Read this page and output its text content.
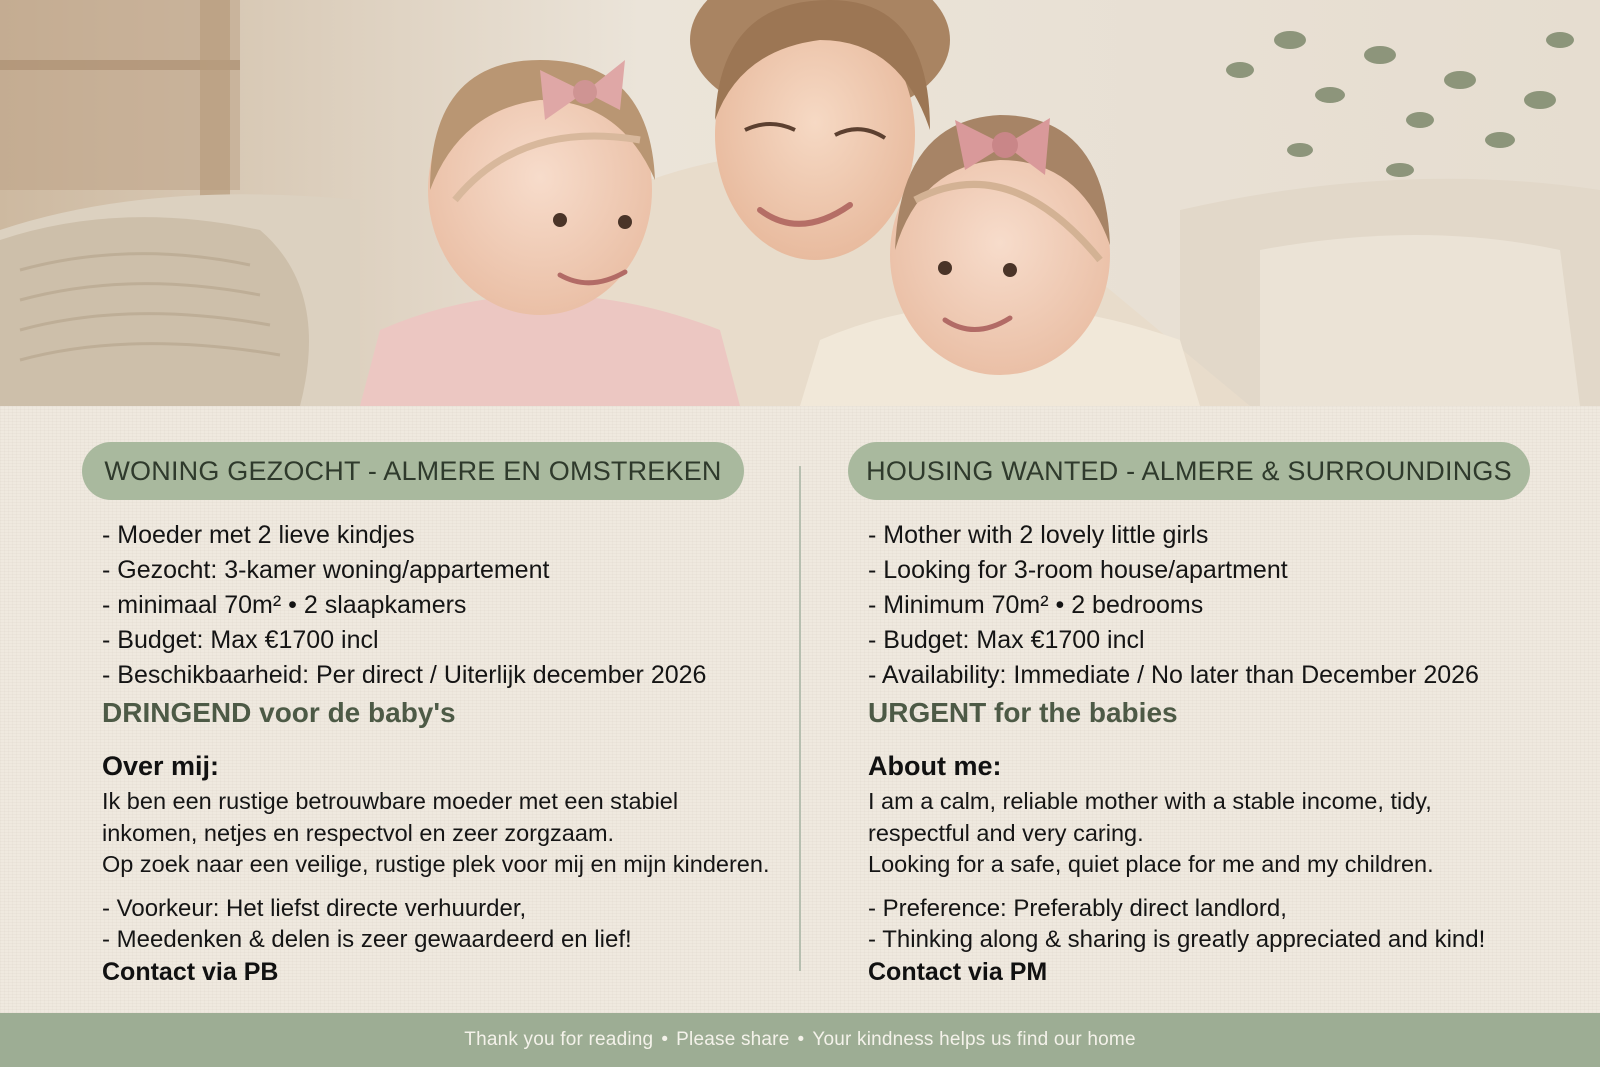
WONING GEZOCHT - ALMERE EN OMSTREKEN
- Moeder met 2 lieve kindjes
- Gezocht: 3-kamer woning/appartement
- minimaal 70m² • 2 slaapkamers
- Budget: Max €1700 incl
- Beschikbaarheid: Per direct / Uiterlijk december 2026
DRINGEND voor de baby's
Over mij:
Ik ben een rustige betrouwbare moeder met een stabiel
inkomen, netjes en respectvol en zeer zorgzaam.
Op zoek naar een veilige, rustige plek voor mij en mijn kinderen.
- Voorkeur: Het liefst directe verhuurder,
- Meedenken & delen is zeer gewaardeerd en lief!
Contact via PB
HOUSING WANTED - ALMERE & SURROUNDINGS
- Mother with 2 lovely little girls
- Looking for 3-room house/apartment
- Minimum 70m² • 2 bedrooms
- Budget: Max €1700 incl
- Availability: Immediate / No later than December 2026
URGENT for the babies
About me:
I am a calm, reliable mother with a stable income, tidy,
respectful and very caring.
Looking for a safe, quiet place for me and my children.
- Preference: Preferably direct landlord,
- Thinking along & sharing is greatly appreciated and kind!
Contact via PM
Thank you for reading • Please share • Your kindness helps us find our home
